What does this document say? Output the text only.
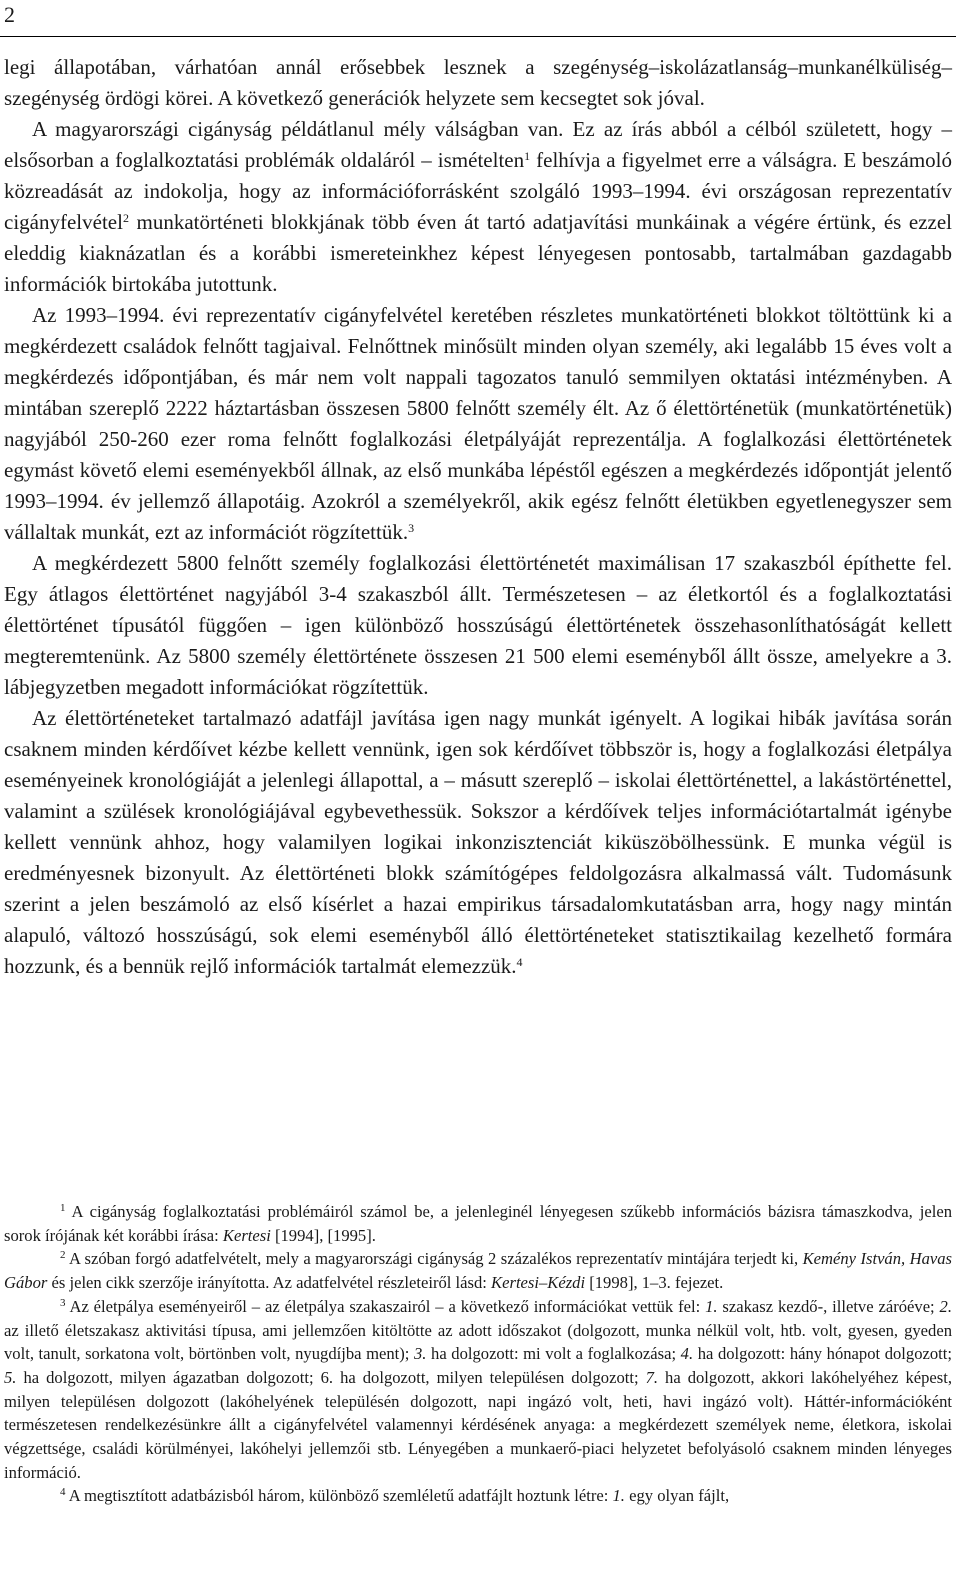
2

legi állapotában, várhatóan annál erősebbek lesznek a szegénység–iskolázatlanság–munkanélküliség–szegénység ördögi körei. A következő generációk helyzete sem kecsegtet sok jóval.

A magyarországi cigányság példátlanul mély válságban van. Ez az írás abból a célból született, hogy – elsősorban a foglalkoztatási problémák oldaláról – ismételten$^1$ felhívja a figyelmet erre a válságra. E beszámoló közreadását az indokolja, hogy az információforrásként szolgáló 1993–1994. évi országosan reprezentatív cigányfelvétel$^2$ munkatörténeti blokkjának több éven át tartó adatjavítási munkáinak a végére értünk, és ezzel eleddig kiaknázatlan és a korábbi ismereteinkhez képest lényegesen pontosabb, tartalmában gazdagabb információk birtokába jutottunk.

Az 1993–1994. évi reprezentatív cigányfelvétel keretében részletes munkatörténeti blokkot töltöttünk ki a megkérdezett családok felnőtt tagjaival. Felnőttnek minősült minden olyan személy, aki legalább 15 éves volt a megkérdezés időpontjában, és már nem volt nappali tagozatos tanuló semmilyen oktatási intézményben. A mintában szereplő 2222 háztartásban összesen 5800 felnőtt személy élt. Az ő élettörténetük (munkatörténetük) nagyjából 250-260 ezer roma felnőtt foglalkozási életpályáját reprezentálja. A foglalkozási élettörténetek egymást követő elemi eseményekből állnak, az első munkába lépéstől egészen a megkérdezés időpontját jelentő 1993–1994. év jellemző állapotáig. Azokról a személyekről, akik egész felnőtt életükben egyetlenegyszer sem vállaltak munkát, ezt az információt rögzítettük.$^3$

A megkérdezett 5800 felnőtt személy foglalkozási élettörténetét maximálisan 17 szakaszból építhette fel. Egy átlagos élettörténet nagyjából 3-4 szakaszból állt. Természetesen – az életkortól és a foglalkoztatási élettörténet típusától függően – igen különböző hosszúságú élettörténetek összehasonlíthatóságát kellett megteremtenünk. Az 5800 személy élettörténete összesen 21 500 elemi eseményből állt össze, amelyekre a 3. lábjegyzetben megadott információkat rögzítettük.

Az élettörténeteket tartalmazó adatfájl javítása igen nagy munkát igényelt. A logikai hibák javítása során csaknem minden kérdőívet kézbe kellett vennünk, igen sok kérdőívet többször is, hogy a foglalkozási életpálya eseményeinek kronológiáját a jelenlegi állapottal, a – másutt szereplő – iskolai élettörténettel, a lakástörténettel, valamint a szülések kronológiájával egybevethessük. Sokszor a kérdőívek teljes információtartalmát igénybe kellett vennünk ahhoz, hogy valamilyen logikai inkonzisztenciát kiküszöbölhessünk. E munka végül is eredményesnek bizonyult. Az élettörténeti blokk számítógépes feldolgozásra alkalmassá vált. Tudomásunk szerint a jelen beszámoló az első kísérlet a hazai empirikus társadalomkutatásban arra, hogy nagy mintán alapuló, változó hosszúságú, sok elemi eseményből álló élettörténeteket statisztikailag kezelhető formára hozzunk, és a bennük rejlő információk tartalmát elemezzük.$^4$

$^1$ A cigányság foglalkoztatási problémáiról számol be, a jelenleginél lényegesen szűkebb információs bázisra támaszkodva, jelen sorok írójának két korábbi írása: Kertesi [1994], [1995].

$^2$ A szóban forgó adatfelvételt, mely a magyarországi cigányság 2 százalékos reprezentatív mintájára terjedt ki, Kemény István, Havas Gábor és jelen cikk szerzője irányította. Az adatfelvétel részleteiről lásd: Kertesi–Kézdi [1998], 1–3. fejezet.

$^3$ Az életpálya eseményeiről – az életpálya szakaszairól – a következő információkat vettük fel: 1. szakasz kezdő-, illetve záróéve; 2. az illető életszakasz aktivitási típusa, ami jellemzően kitöltötte az adott időszakot (dolgozott, munka nélkül volt, htb. volt, gyesen, gyeden volt, tanult, sorkatona volt, börtönben volt, nyugdíjba ment); 3. ha dolgozott: mi volt a foglalkozása; 4. ha dolgozott: hány hónapot dolgozott; 5. ha dolgozott, milyen ágazatban dolgozott; 6. ha dolgozott, milyen településen dolgozott; 7. ha dolgozott, akkori lakóhelyéhez képest, milyen településen dolgozott (lakóhelyének településén dolgozott, napi ingázó volt, heti, havi ingázó volt). Háttér-információként természetesen rendelkezésünkre állt a cigányfelvétel valamennyi kérdésének anyaga: a megkérdezett személyek neme, életkora, iskolai végzettsége, családi körülményei, lakóhelyi jellemzői stb. Lényegében a munkaerő-piaci helyzetet befolyásoló csaknem minden lényeges információ.

$^4$ A megtisztított adatbázisból három, különböző szemléletű adatfájlt hoztunk létre: 1. egy olyan fájlt,
